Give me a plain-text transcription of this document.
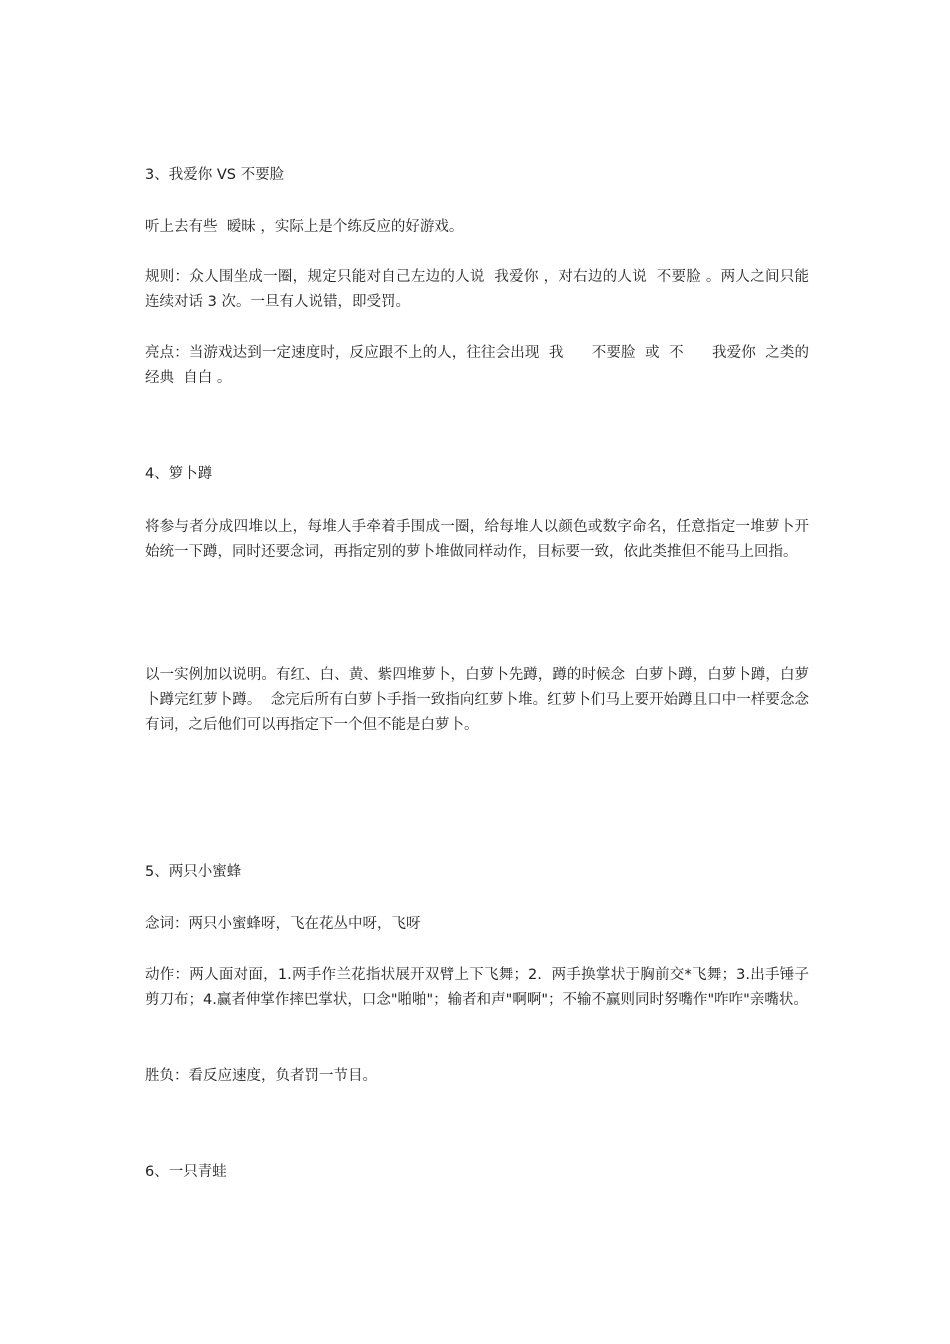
3、我爱你 VS 不要脸

听上去有些  暧昧 ，实际上是个练反应的好游戏。

规则：众人围坐成一圈，规定只能对自己左边的人说  我爱你 ，对右边的人说  不要脸 。两人之间只能连续对话 3 次。一旦有人说错，即受罚。

亮点：当游戏达到一定速度时，反应跟不上的人，往往会出现  我      不要脸  或  不      我爱你  之类的经典  自白 。

4、箩卜蹲

将参与者分成四堆以上，每堆人手牵着手围成一圈，给每堆人以颜色或数字命名，任意指定一堆萝卜开始统一下蹲，同时还要念词，再指定别的萝卜堆做同样动作，目标要一致，依此类推但不能马上回指。

以一实例加以说明。有红、白、黄、紫四堆萝卜，白萝卜先蹲，蹲的时候念  白萝卜蹲，白萝卜蹲，白萝卜蹲完红萝卜蹲。  念完后所有白萝卜手指一致指向红萝卜堆。红萝卜们马上要开始蹲且口中一样要念念有词，之后他们可以再指定下一个但不能是白萝卜。

5、两只小蜜蜂

念词：两只小蜜蜂呀，飞在花丛中呀，飞呀

动作：两人面对面，1.两手作兰花指状展开双臂上下飞舞；2.  两手换掌状于胸前交*飞舞；3.出手锤子剪刀布；4.赢者伸掌作摔巴掌状，口念"啪啪"；输者和声"啊啊"；不输不赢则同时努嘴作"咋咋"亲嘴状。

胜负：看反应速度，负者罚一节目。

6、一只青蛙
